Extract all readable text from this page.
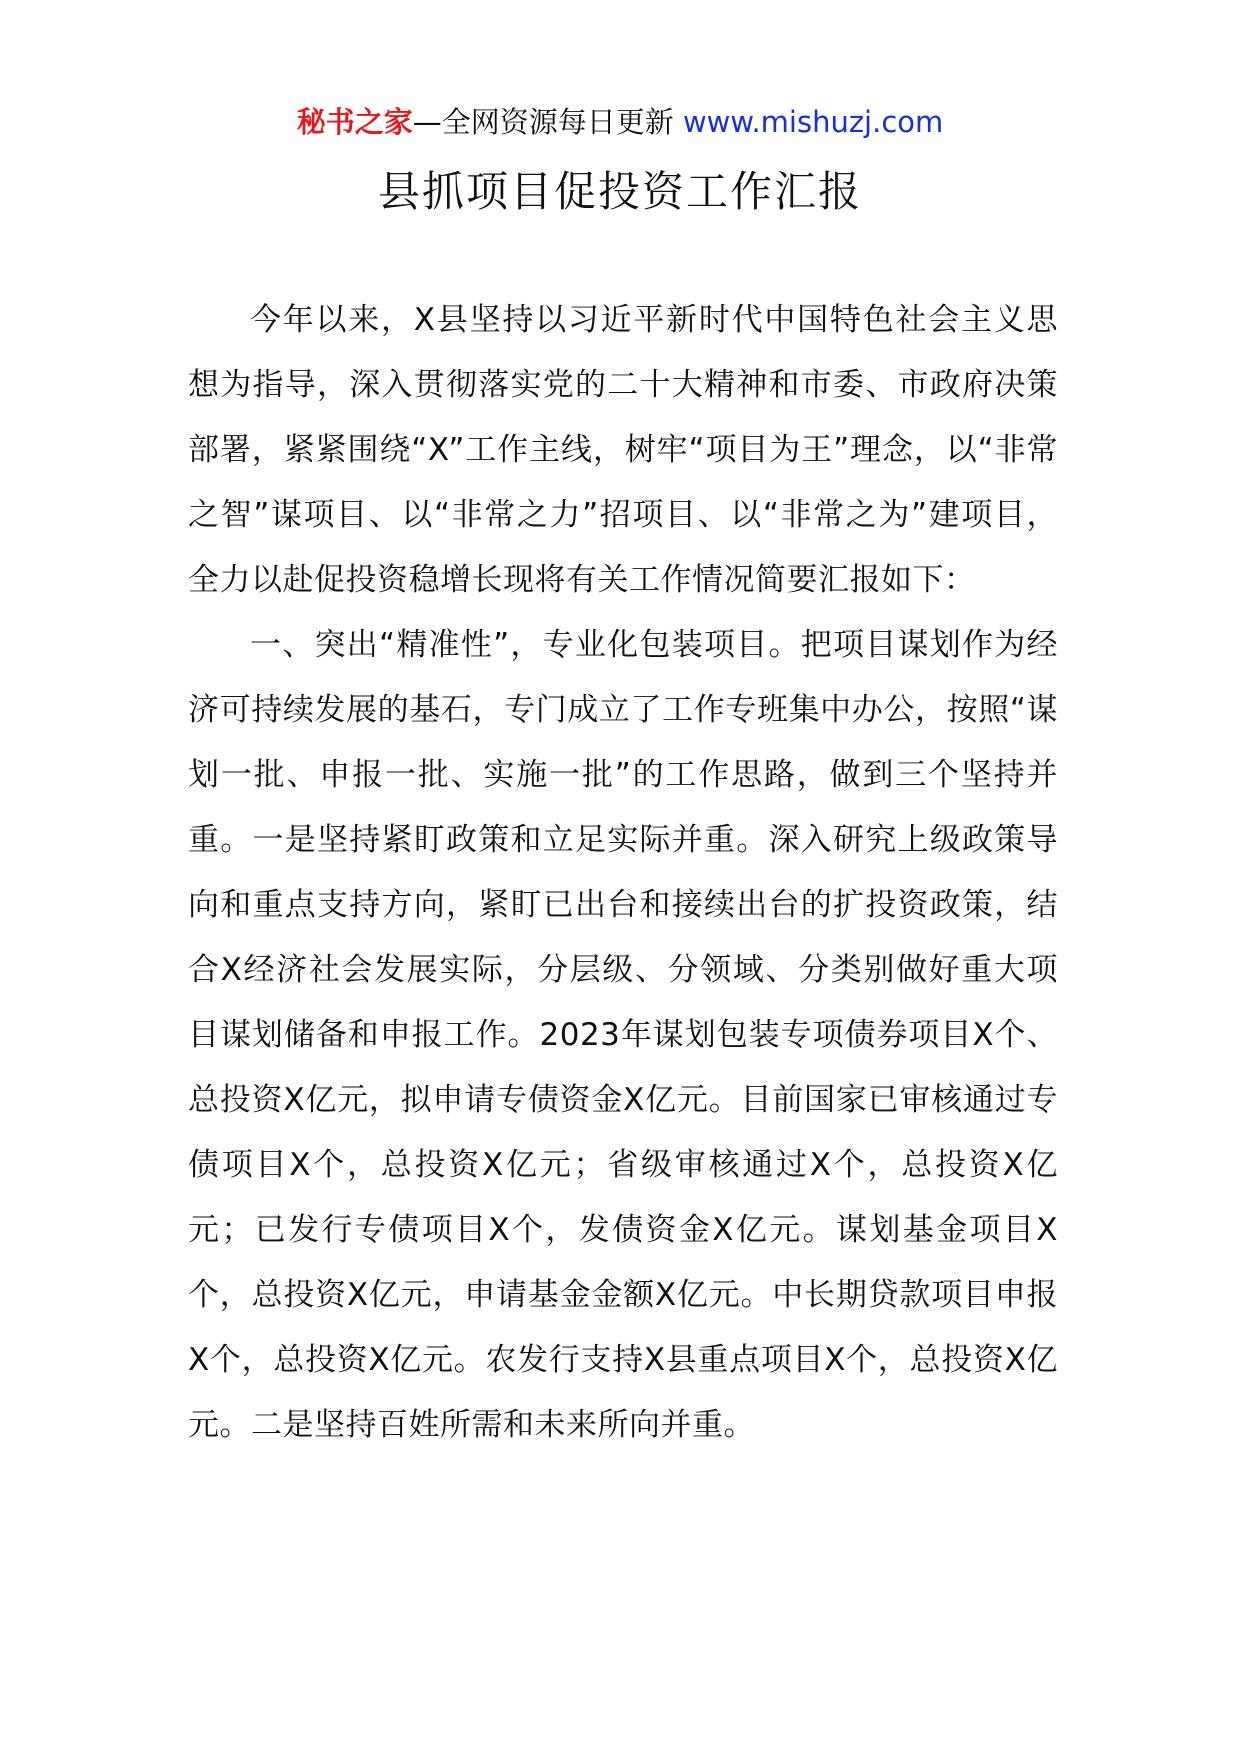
秘书之家—全网资源每日更新 www.mishuzj.com
县抓项目促投资工作汇报

今年以来，X县坚持以习近平新时代中国特色社会主义思想为指导，深入贯彻落实党的二十大精神和市委、市政府决策部署，紧紧围绕“X”工作主线，树牢“项目为王”理念，以“非常之智”谋项目、以“非常之力”招项目、以“非常之为”建项目，全力以赴促投资稳增长现将有关工作情况简要汇报如下：

一、突出“精准性”，专业化包装项目。把项目谋划作为经济可持续发展的基石，专门成立了工作专班集中办公，按照“谋划一批、申报一批、实施一批”的工作思路，做到三个坚持并重。一是坚持紧盯政策和立足实际并重。深入研究上级政策导向和重点支持方向，紧盯已出台和接续出台的扩投资政策，结合X经济社会发展实际，分层级、分领域、分类别做好重大项目谋划储备和申报工作。2023年谋划包装专项债券项目X个、总投资X亿元，拟申请专债资金X亿元。目前国家已审核通过专债项目X个，总投资X亿元；省级审核通过X个，总投资X亿元；已发行专债项目X个，发债资金X亿元。谋划基金项目X个，总投资X亿元，申请基金金额X亿元。中长期贷款项目申报X个，总投资X亿元。农发行支持X县重点项目X个，总投资X亿元。二是坚持百姓所需和未来所向并重。
